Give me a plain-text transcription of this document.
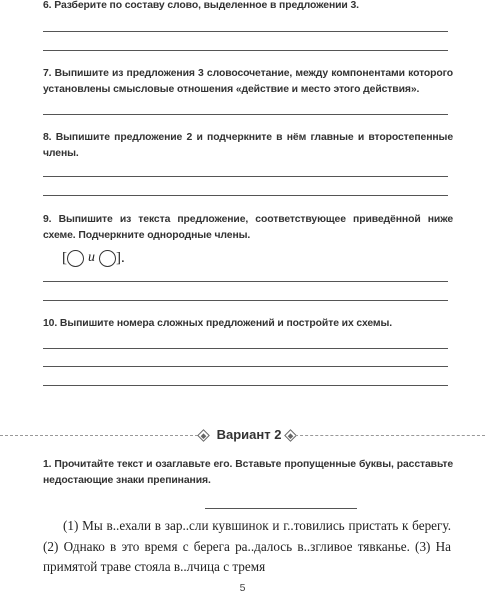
6. Разберите по составу слово, выделенное в предложении 3.
7. Выпишите из предложения 3 словосочетание, между компонентами которого установлены смысловые отношения «действие и место этого действия».
8. Выпишите предложение 2 и подчеркните в нём главные и второстепенные члены.
9. Выпишите из текста предложение, соответствующее приведённой ниже схеме. Подчеркните однородные члены.
[ и ].
10. Выпишите номера сложных предложений и постройте их схемы.
Вариант 2
1. Прочитайте текст и озаглавьте его. Вставьте пропущенные буквы, расставьте недостающие знаки препинания.
(1) Мы в..ехали в зар..сли кувшинок и г..товились пристать к берегу. (2) Однако в это время с берега ра..далось в..згливое тявканье. (3) На примятой траве стояла в..лчица с тремя
5
